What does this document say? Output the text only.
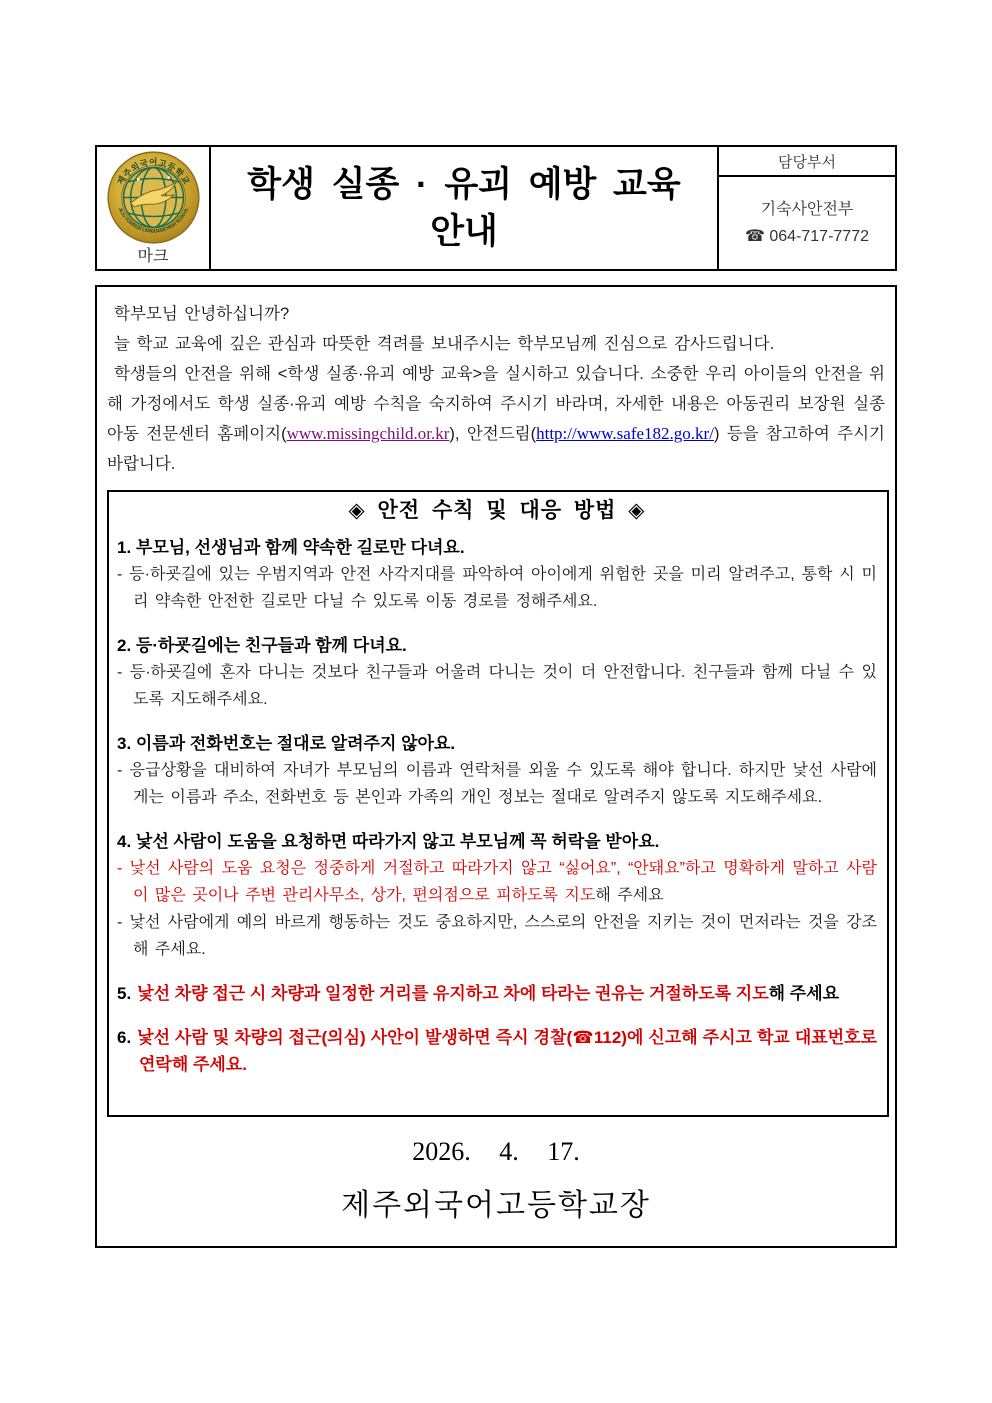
제주외국어고등학교
JEJU FOREIGN LANGUAGE HIGH SCHOOL
마크
학생 실종 · 유괴 예방 교육
안내
담당부서
기숙사안전부
☎ 064-717-7772

학부모님 안녕하십니까?

늘 학교 교육에 깊은 관심과 따뜻한 격려를 보내주시는 학부모님께 진심으로 감사드립니다.

학생들의 안전을 위해 <학생 실종·유괴 예방 교육>을 실시하고 있습니다. 소중한 우리 아이들의 안전을 위해 가정에서도 학생 실종·유괴 예방 수칙을 숙지하여 주시기 바라며, 자세한 내용은 아동권리 보장원 실종아동 전문센터 홈페이지(www.missingchild.or.kr), 안전드림(http://www.safe182.go.kr/) 등을 참고하여 주시기 바랍니다.

◈ 안전 수칙 및 대응 방법 ◈

1. 부모님, 선생님과 함께 약속한 길로만 다녀요.

- 등·하굣길에 있는 우범지역과 안전 사각지대를 파악하여 아이에게 위험한 곳을 미리 알려주고, 통학 시 미리 약속한 안전한 길로만 다닐 수 있도록 이동 경로를 정해주세요.

2. 등·하굣길에는 친구들과 함께 다녀요.

- 등·하굣길에 혼자 다니는 것보다 친구들과 어울려 다니는 것이 더 안전합니다. 친구들과 함께 다닐 수 있도록 지도해주세요.

3. 이름과 전화번호는 절대로 알려주지 않아요.

- 응급상황을 대비하여 자녀가 부모님의 이름과 연락처를 외울 수 있도록 해야 합니다. 하지만 낯선 사람에게는 이름과 주소, 전화번호 등 본인과 가족의 개인 정보는 절대로 알려주지 않도록 지도해주세요.

4. 낯선 사람이 도움을 요청하면 따라가지 않고 부모님께 꼭 허락을 받아요.

- 낯선 사람의 도움 요청은 정중하게 거절하고 따라가지 않고 “싫어요”, “안돼요”하고 명확하게 말하고 사람이 많은 곳이나 주변 관리사무소, 상가, 편의점으로 피하도록 지도해 주세요

- 낯선 사람에게 예의 바르게 행동하는 것도 중요하지만, 스스로의 안전을 지키는 것이 먼저라는 것을 강조해 주세요.

5. 낯선 차량 접근 시 차량과 일정한 거리를 유지하고 차에 타라는 권유는 거절하도록 지도해 주세요

6. 낯선 사람 및 차량의 접근(의심) 사안이 발생하면 즉시 경찰(☎112)에 신고해 주시고 학교 대표번호로 연락해 주세요.

2026. 4. 17.

제주외국어고등학교장
